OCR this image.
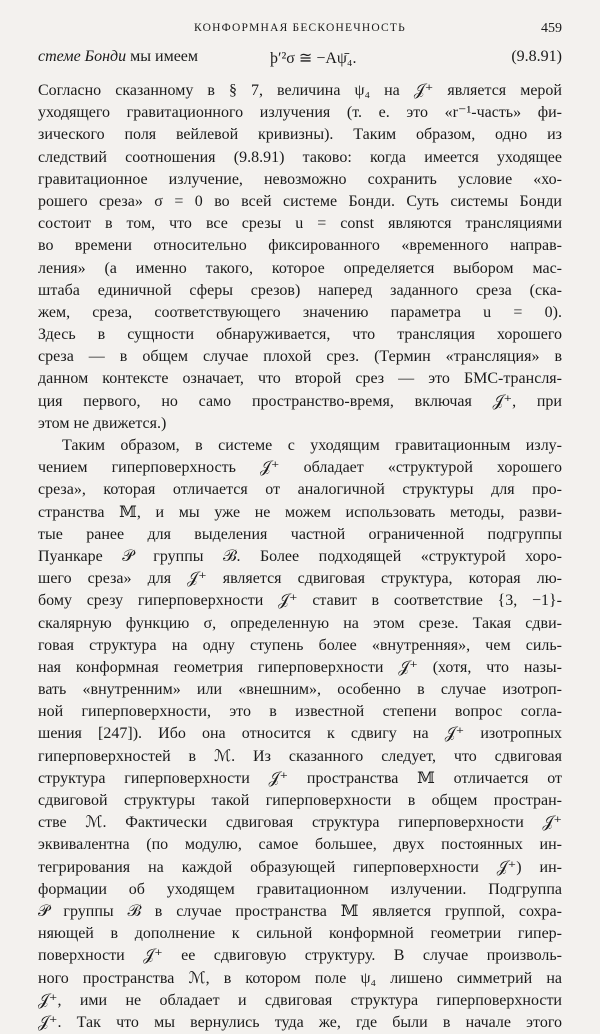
КОНФОРМНАЯ БЕСКОНЕЧНОСТЬ	459
стеме Бонди мы имеем	þ′²σ ≅ −Aψ̄₄.	(9.8.91)
Согласно сказанному в § 7, величина ψ₄ на 𝒥⁺ является мерой
уходящего гравитационного излучения (т. е. это «r⁻¹-часть» фи-
зического поля вейлевой кривизны). Таким образом, одно из
следствий соотношения (9.8.91) таково: когда имеется уходящее
гравитационное излучение, невозможно сохранить условие «хо-
рошего среза» σ = 0 во всей системе Бонди. Суть системы Бонди
состоит в том, что все срезы u = const являются трансляциями
во времени относительно фиксированного «временного направ-
ления» (а именно такого, которое определяется выбором мас-
штаба единичной сферы срезов) наперед заданного среза (ска-
жем, среза, соответствующего значению параметра u = 0).
Здесь в сущности обнаруживается, что трансляция хорошего
среза — в общем случае плохой срез. (Термин «трансляция» в
данном контексте означает, что второй срез — это БМС-трансля-
ция первого, но само пространство-время, включая 𝒥⁺, при
этом не движется.)
Таким образом, в системе с уходящим гравитационным излу-
чением гиперповерхность 𝒥⁺ обладает «структурой хорошего
среза», которая отличается от аналогичной структуры для про-
странства 𝕄, и мы уже не можем использовать методы, разви-
тые ранее для выделения частной ограниченной подгруппы
Пуанкаре 𝒫 группы ℬ. Более подходящей «структурой хоро-
шего среза» для 𝒥⁺ является сдвиговая структура, которая лю-
бому срезу гиперповерхности 𝒥⁺ ставит в соответствие {3, −1}-
скалярную функцию σ, определенную на этом срезе. Такая сдви-
говая структура на одну ступень более «внутренняя», чем силь-
ная конформная геометрия гиперповерхности 𝒥⁺ (хотя, что назы-
вать «внутренним» или «внешним», особенно в случае изотроп-
ной гиперповерхности, это в известной степени вопрос согла-
шения [247]). Ибо она относится к сдвигу на 𝒥⁺ изотропных
гиперповерхностей в ℳ. Из сказанного следует, что сдвиговая
структура гиперповерхности 𝒥⁺ пространства 𝕄 отличается от
сдвиговой структуры такой гиперповерхности в общем простран-
стве ℳ. Фактически сдвиговая структура гиперповерхности 𝒥⁺
эквивалентна (по модулю, самое большее, двух постоянных ин-
тегрирования на каждой образующей гиперповерхности 𝒥⁺) ин-
формации об уходящем гравитационном излучении. Подгруппа
𝒫 группы ℬ в случае пространства 𝕄 является группой, сохра-
няющей в дополнение к сильной конформной геометрии гипер-
поверхности 𝒥⁺ ее сдвиговую структуру. В случае произволь-
ного пространства ℳ, в котором поле ψ₄ лишено симметрий на
𝒥⁺, ими не обладает и сдвиговая структура гиперповерхности
𝒥⁺. Так что мы вернулись туда же, где были в начале этого
